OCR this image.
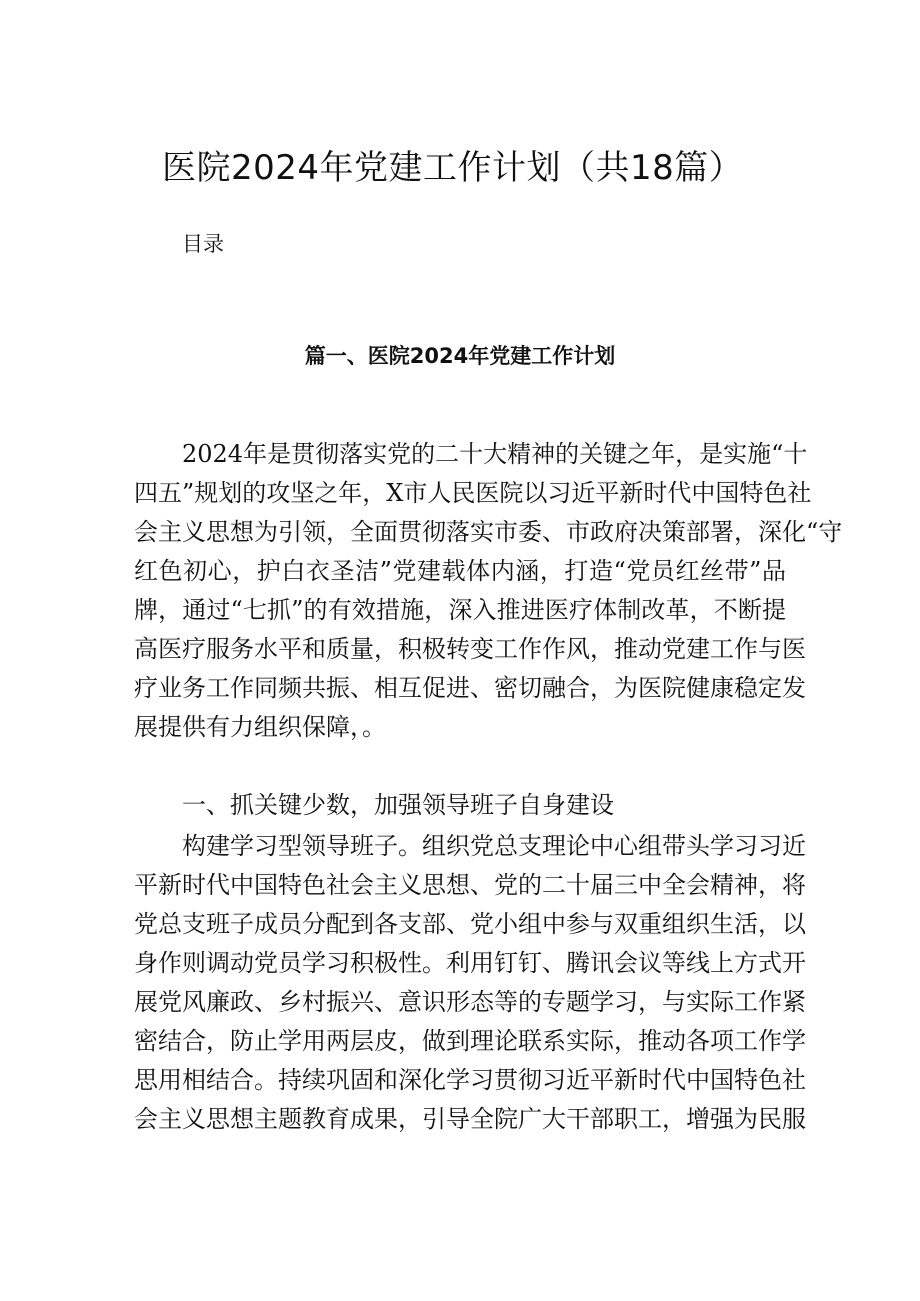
医院2024年党建工作计划（共18篇）
目录
篇一、医院2024年党建工作计划
2024年是贯彻落实党的二十大精神的关键之年，是实施“十
四五”规划的攻坚之年，X市人民医院以习近平新时代中国特色社
会主义思想为引领，全面贯彻落实市委、市政府决策部署，深化“守
红色初心，护白衣圣洁”党建载体内涵，打造“党员红丝带”品
牌，通过“七抓”的有效措施，深入推进医疗体制改革，不断提
高医疗服务水平和质量，积极转变工作作风，推动党建工作与医
疗业务工作同频共振、相互促进、密切融合，为医院健康稳定发
展提供有力组织保障，。
一、抓关键少数，加强领导班子自身建设
构建学习型领导班子。组织党总支理论中心组带头学习习近
平新时代中国特色社会主义思想、党的二十届三中全会精神，将
党总支班子成员分配到各支部、党小组中参与双重组织生活，以
身作则调动党员学习积极性。利用钉钉、腾讯会议等线上方式开
展党风廉政、乡村振兴、意识形态等的专题学习，与实际工作紧
密结合，防止学用两层皮，做到理论联系实际，推动各项工作学
思用相结合。持续巩固和深化学习贯彻习近平新时代中国特色社
会主义思想主题教育成果，引导全院广大干部职工，增强为民服
